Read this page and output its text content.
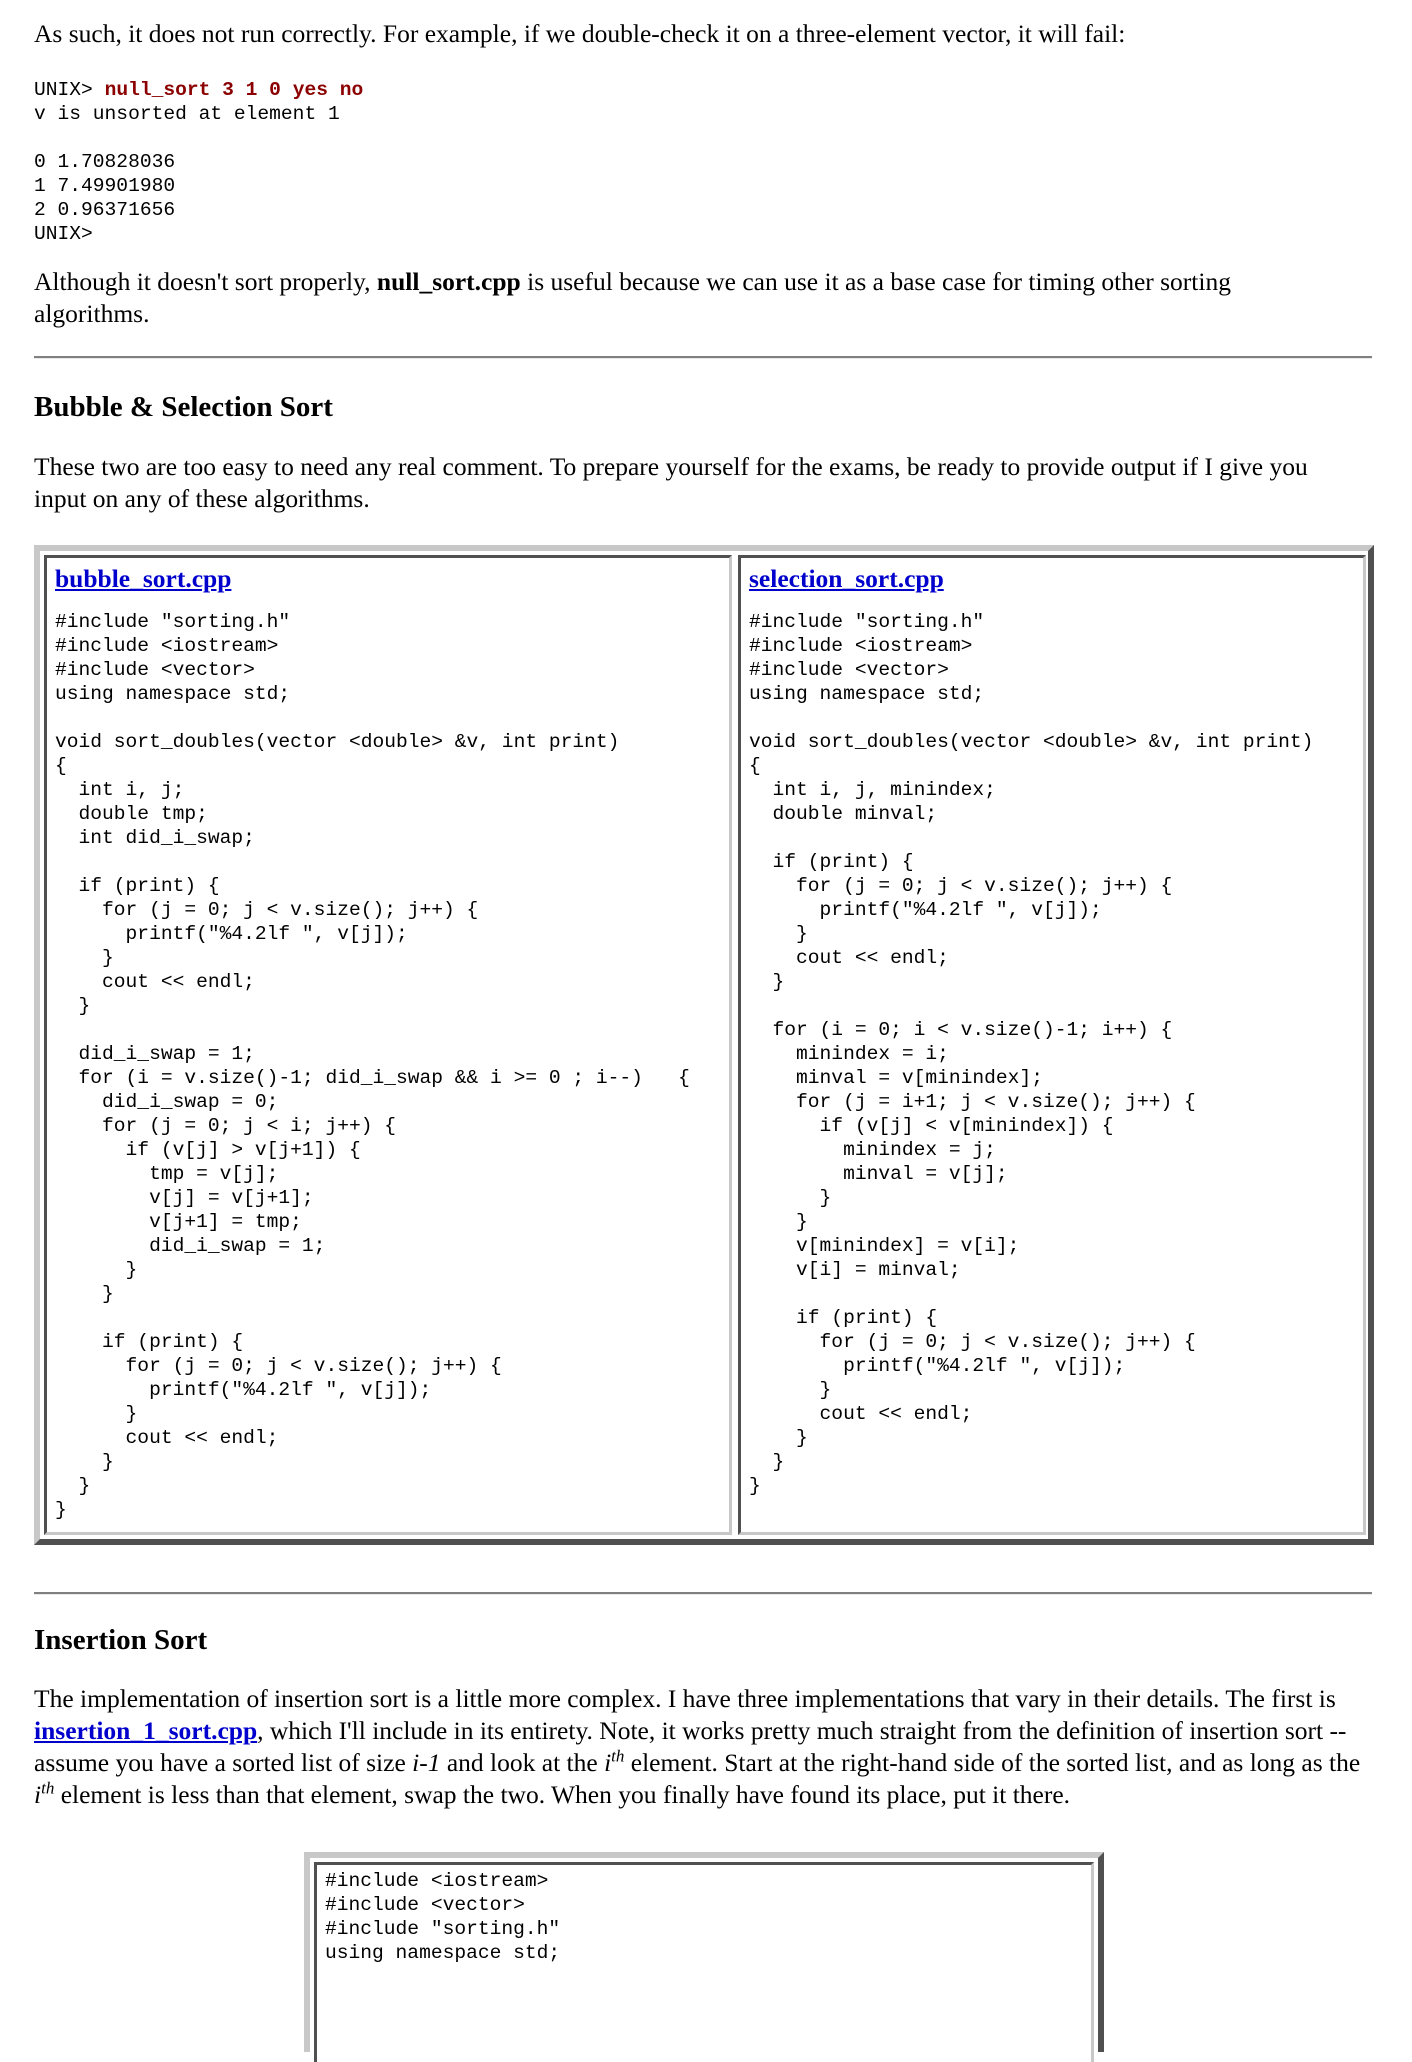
As such, it does not run correctly. For example, if we double-check it on a three-element vector, it will fail:

UNIX> null_sort 3 1 0 yes no
v is unsorted at element 1

0 1.70828036
1 7.49901980
2 0.96371656
UNIX>

Although it doesn't sort properly, null_sort.cpp is useful because we can use it as a base case for timing other sorting algorithms.

Bubble & Selection Sort

These two are too easy to need any real comment. To prepare yourself for the exams, be ready to provide output if I give you input on any of these algorithms.

bubble_sort.cpp
#include "sorting.h"
#include <iostream>
#include <vector>
using namespace std;

void sort_doubles(vector <double> &v, int print)
{
int i, j;
double tmp;
int did_i_swap;

if (print) {
for (j = 0; j < v.size(); j++) {
printf("%4.2lf ", v[j]);
}
cout << endl;
}

did_i_swap = 1;
for (i = v.size()-1; did_i_swap && i >= 0 ; i--)   {
did_i_swap = 0;
for (j = 0; j < i; j++) {
if (v[j] > v[j+1]) {
tmp = v[j];
v[j] = v[j+1];
v[j+1] = tmp;
did_i_swap = 1;
}
}

if (print) {
for (j = 0; j < v.size(); j++) {
printf("%4.2lf ", v[j]);
}
cout << endl;
}
}
}
selection_sort.cpp
#include "sorting.h"
#include <iostream>
#include <vector>
using namespace std;

void sort_doubles(vector <double> &v, int print)
{
int i, j, minindex;
double minval;

if (print) {
for (j = 0; j < v.size(); j++) {
printf("%4.2lf ", v[j]);
}
cout << endl;
}

for (i = 0; i < v.size()-1; i++) {
minindex = i;
minval = v[minindex];
for (j = i+1; j < v.size(); j++) {
if (v[j] < v[minindex]) {
minindex = j;
minval = v[j];
}
}
v[minindex] = v[i];
v[i] = minval;

if (print) {
for (j = 0; j < v.size(); j++) {
printf("%4.2lf ", v[j]);
}
cout << endl;
}
}
}
Insertion Sort

The implementation of insertion sort is a little more complex. I have three implementations that vary in their details. The first is insertion_1_sort.cpp, which I'll include in its entirety. Note, it works pretty much straight from the definition of insertion sort -- assume you have a sorted list of size i-1 and look at the $i^{th}$ element. Start at the right-hand side of the sorted list, and as long as the $i^{th}$ element is less than that element, swap the two. When you finally have found its place, put it there.

#include <iostream>
#include <vector>
#include "sorting.h"
using namespace std;
